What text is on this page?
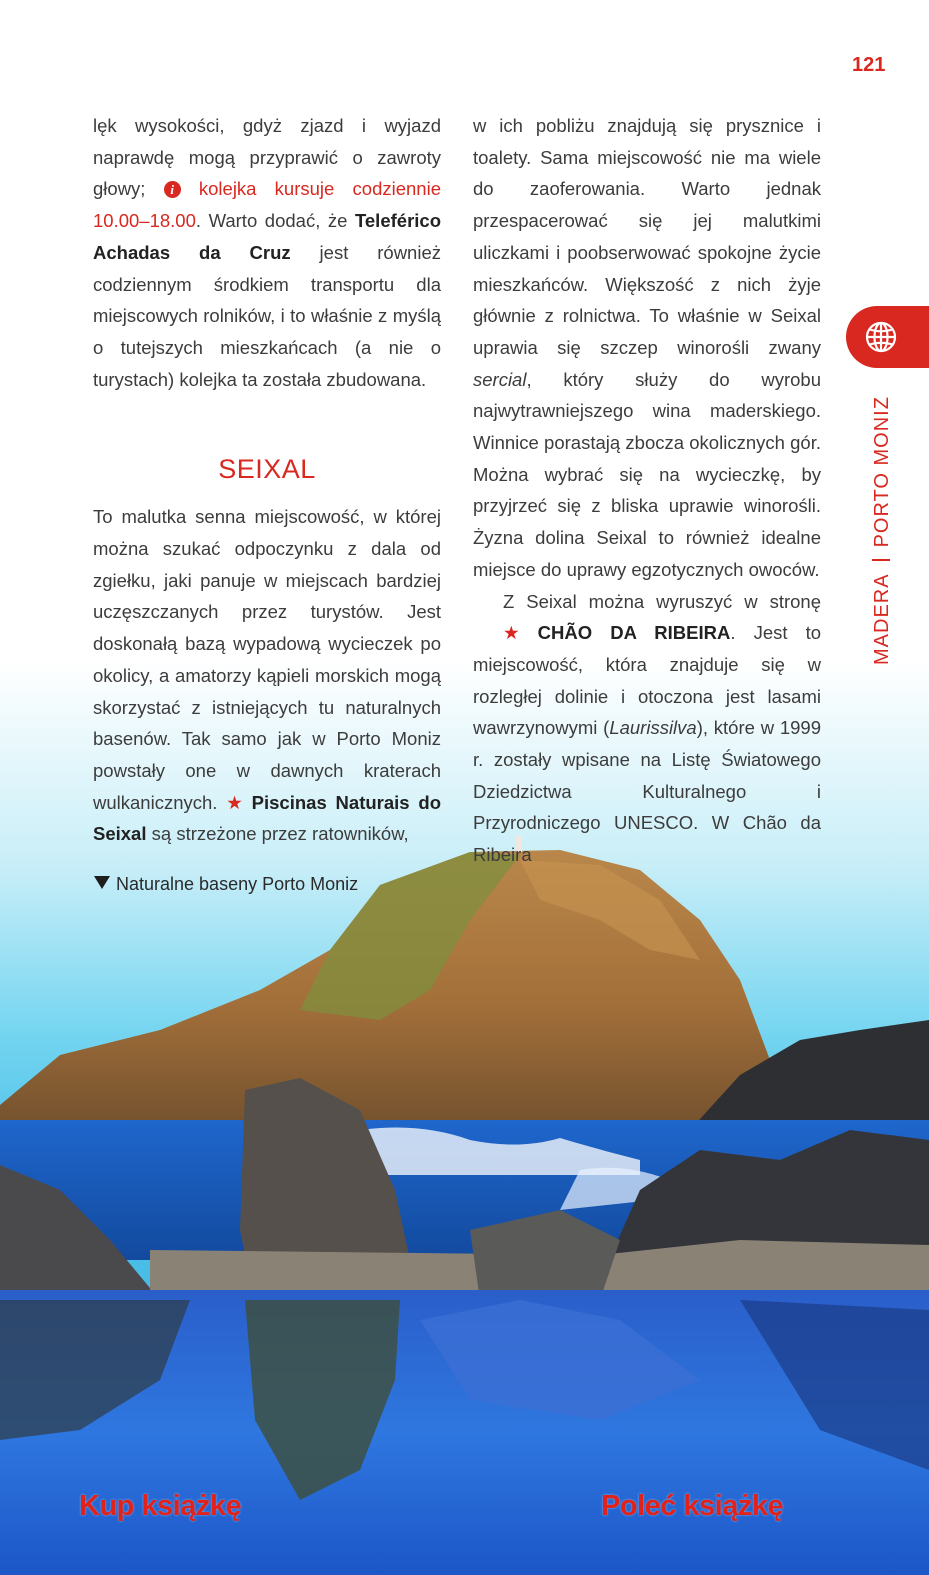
121

lęk wysokości, gdyż zjazd i wyjazd naprawdę mogą przyprawić o zawroty głowy; i kolejka kursuje codziennie 10.00–18.00. Warto dodać, że Teleférico Achadas da Cruz jest również codziennym środkiem transportu dla miejscowych rolników, i to właśnie z myślą o tutejszych mieszkańcach (a nie o turystach) kolejka ta została zbudowana.

SEIXAL

To malutka senna miejscowość, w której można szukać odpoczynku z dala od zgiełku, jaki panuje w miejscach bardziej uczęszczanych przez turystów. Jest doskonałą bazą wypadową wycieczek po okolicy, a amatorzy kąpieli morskich mogą skorzystać z istniejących tu naturalnych basenów. Tak samo jak w Porto Moniz powstały one w dawnych kraterach wulkanicznych. ★ Piscinas Naturais do Seixal są strzeżone przez ratowników,

w ich pobliżu znajdują się prysznice i toalety. Sama miejscowość nie ma wiele do zaoferowania. Warto jednak przespacerować się jej malutkimi uliczkami i poobserwować spokojne życie mieszkańców. Większość z nich żyje głównie z rolnictwa. To właśnie w Seixal uprawia się szczep winorośli zwany sercial, który służy do wyrobu najwytrawniejszego wina maderskiego. Winnice porastają zbocza okolicznych gór. Można wybrać się na wycieczkę, by przyjrzeć się z bliska uprawie winorośli. Żyzna dolina Seixal to również idealne miejsce do uprawy egzotycznych owoców.

Z Seixal można wyruszyć w stronę ★ CHÃO DA RIBEIRA. Jest to miejscowość, która znajduje się w rozległej dolinie i otoczona jest lasami wawrzynowymi (Laurissilva), które w 1999 r. zostały wpisane na Listę Światowego Dziedzictwa Kulturalnego i Przyrodniczego UNESCO. W Chão da Ribeira

MADERAPORTO MONIZ
Naturalne baseny Porto Moniz
Kup książkę	Poleć książkę
